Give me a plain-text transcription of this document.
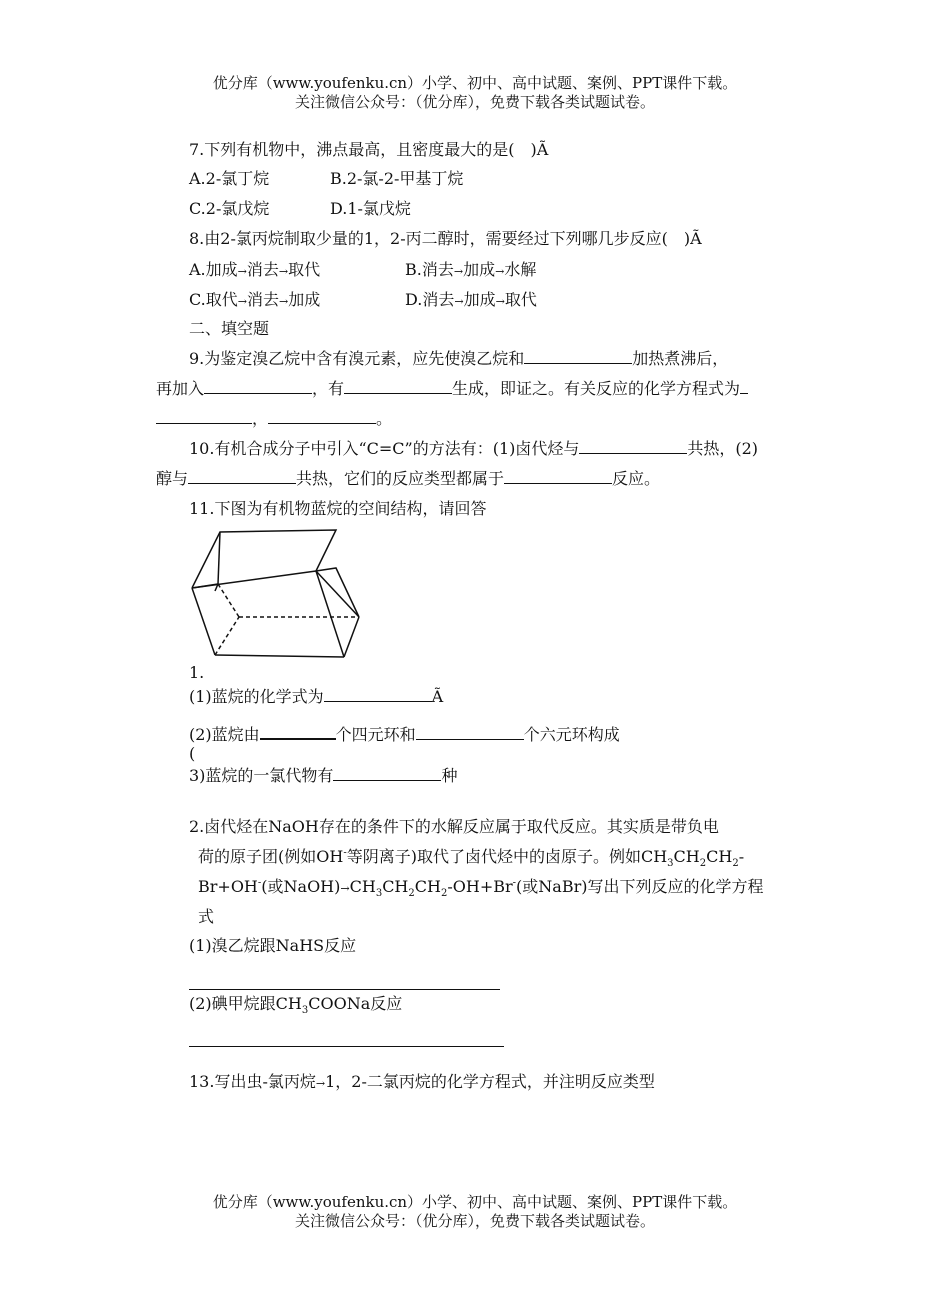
优分库（www.youfenku.cn）小学、初中、高中试题、案例、PPT课件下载。
关注微信公众号：（优分库），免费下载各类试题试卷。
7.下列有机物中，沸点最高，且密度最大的是(　)Ã
A.2-氯丁烷	B.2-氯-2-甲基丁烷
C.2-氯戊烷	D.1-氯戊烷
8.由2-氯丙烷制取少量的1，2-丙二醇时，需要经过下列哪几步反应(　)Ã
A.加成→消去→取代	B.消去→加成→水解
C.取代→消去→加成	D.消去→加成→取代
二、填空题
9.为鉴定溴乙烷中含有溴元素，应先使溴乙烷和	加热煮沸后，
再加入	，有	生成，即证之。有关反应的化学方程式为
，	。
10.有机合成分子中引入“C=C”的方法有：(1)卤代烃与	共热，(2)
醇与	共热，它们的反应类型都属于	反应。
11.下图为有机物蓝烷的空间结构，请回答
1.
(1)蓝烷的化学式为	Ã
(2)蓝烷由	个四元环和	个六元环构成
(
3)蓝烷的一氯代物有	种
2.卤代烃在NaOH存在的条件下的水解反应属于取代反应。其实质是带负电
荷的原子团(例如OH-等阴离子)取代了卤代烃中的卤原子。例如$CH_3CH_2CH_2-$
Br+OH-(或$NaOH)\to CH_3CH_2CH_2-OH+Br^-$(或NaBr)写出下列反应的化学方程
式
(1)溴乙烷跟NaHS反应
(2)碘甲烷跟$CH_3COONa$反应
13.写出虫-氯丙烷→1，2-二氯丙烷的化学方程式，并注明反应类型
优分库（www.youfenku.cn）小学、初中、高中试题、案例、PPT课件下载。
关注微信公众号：（优分库），免费下载各类试题试卷。
